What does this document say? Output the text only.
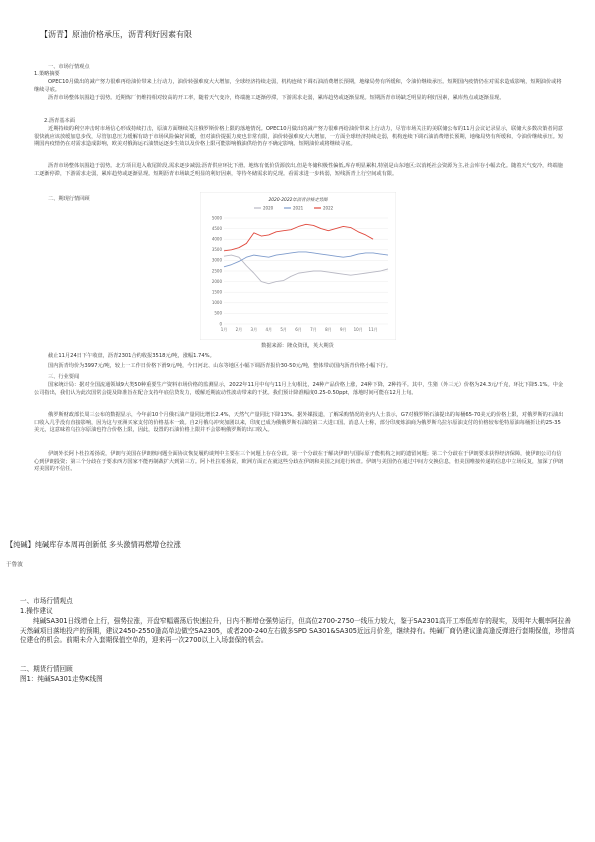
【沥青】原油价格承压，沥青利好因素有限
一、市场行情观点
1.策略摘要
OPEC10月做出的减产努力很难再给油价带来上行动力，油价转强难度大大增加，全球经济持续走弱，机构连续下调石油消费增长预期，地缘局势有所缓和，令油价继续承压。短期国内疫情仍在对需求造成影响，短期油价或将继续寻底。
沥青市场整体氛围趋于弱势。近期炼厂仍维持相对较高的开工率，随着天气变冷，终端施工逐渐停滞，下游需求走弱，累库趋势或逐渐显现。短期沥青市场缺乏明显的利好因素，累库热点或逐渐显现。
2.沥青基本面
近期持续的利空冲击时市场信心形成持续打击，原油方面继续关注俄罗斯价格上限的落地情况。OPEC10月做出的减产努力很难再给油价带来上行动力，尽管市场关注的美联储公布的11月会议记录显示，联储大多数决策者同意很快就应该放缓加息步伐，尽管加息压力缓解有助于市场风险偏好回暖，但对油价提振力度也非常有限，油价转强难度大大增加，一方面全球经济持续走弱，机构连续下调石油消费增长预期，地缘局势有所缓和，令油价继续承压。短期国内疫情仍在对需求造成影响，欧美对俄海运石油禁运逐步生效以及价格上限可能影响俄油供给仍存不确定影响。短期油价或将继续寻底。
沥青市场整体氛围趋于弱势。北方项目进入收尾阶段,需求逐步减弱;沥青供应环比下滑。地炼有低价货源放出,但是冬储积极性偏低,库存明显累积,特别是山东地区;以消耗社会资源为主,社会库存小幅去化。随着天气变冷，终端施工逐渐停滞，下游需求走弱，累库趋势或逐渐显现。短期沥青市场缺乏明显的利好因素，等待冬储需求的兑现。看需求进一步转弱，短线沥青上行空间或有限。
二、期现行情回顾	2020-2022年沥青价格走势图
2020	2021	2022
0
500
1000
1500
2000
2500
3000
3500
4000
4500
5000
1月 2月 3月 4月 5月 6月 7月 8月 9月 10月 11月
数据来源：隆众资讯，英大期货
截止11月24日下午收盘，沥青2301合约收报3518元/吨，涨幅1.74%。
国内沥青均价为3997元/吨，较上一工作日价格下滑9元/吨，今日河北、山东等地区小幅下调沥青报价30-50元/吨，整体带动国内沥青价格小幅下行。
三、行业要闻
国家统计局：据对全国流通领域9大类50种重要生产资料市场价格的监测显示，2022年11月中旬与11月上旬相比，24种产品价格上涨，24种下降，2种持平。其中，生猪（外三元）价格为24.3元/千克，环比下降5.1%。中金公司指出，我们认为此次国常会提及降准旨在配合支持年底信贷发力，缓解近期流动性波动带来的干扰。我们预计降准幅度0.25-0.50ppt，落地时间可能在12月上旬。
俄罗斯财政部长周三公布的数据显示，今年前10个月俄石油产量同比增长2.4%，天然气产量同比下降13%。据外媒报道，了解采购情况的业内人士表示，G7对俄罗斯石油提出的每桶65-70美元的价格上限，对俄罗斯的石油出口收入几乎没有直接影响，因为这与亚洲买家支付的价格基本一致。自2月俄乌冲突加剧以来，印度已成为俄俄罗斯石油的第二大进口国。消息人士称，部分印度炼油商为俄罗斯乌拉尔原油支付的价格较布伦特原油每桶折让约25-35美元，这意味着乌拉尔原油也符合价格上限，因此，设置的石油价格上限并不会影响俄罗斯的出口收入。
伊朗外长阿卜杜拉希扬说，伊朗与美国在伊朗核问题全面协议恢复履约谈判中主要在三个问题上存在分歧。第一个分歧在于解决伊朗与国际原子能机构之间的遗留问题；第二个分歧在于伊朗要求获得经济保障，使伊朗公司有信心到伊朗投资；第三个分歧在于要求西方国家不能再制裁扩大到第三方。阿卜杜拉希扬说，欧洲方面正在就这些分歧在伊朗和美国之间进行转盘。伊朗与美国仍在通过中间方交换信息，但美国唯接传递的信息中立场反复，加深了伊朗对美国的不信任。
【纯碱】纯碱库存本周再创新低 多头激情再燃增仓拉涨
于鲁波
一、市场行情观点
1.操作建议
纯碱SA301日线增仓上行，强势拉涨，开盘窄幅震荡后快速拉升，日内不断增仓强势运行，但高位2700-2750一线压力较大，鉴于SA2301高开工率低库存的现实，及明年大概率阿拉善天然碱项目落地投产的预期，建议2450-2550逢高单边做空SA2305，或者200-240左右做多SPD SA301&SA305近远月价差，继续持有。纯碱厂商仍建议逢高逢反弹进行套期保值，珍惜高位建仓的机会。前期未介入套期保值空单的，迎来再一次2700以上入场套保的机会。
二、期货行情回顾
图1：纯碱SA301走势K线图
